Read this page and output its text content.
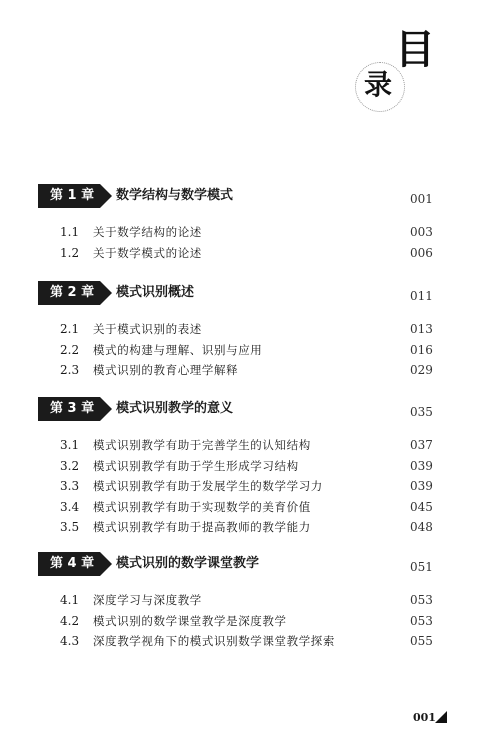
目
录
第 1 章	数学结构与数学模式	001
1.1 关于数学结构的论述	003
1.2 关于数学模式的论述	006
第 2 章	模式识别概述	011
2.1 关于模式识别的表述	013
2.2 模式的构建与理解、识别与应用	016
2.3 模式识别的教育心理学解释	029
第 3 章	模式识别教学的意义	035
3.1 模式识别教学有助于完善学生的认知结构	037
3.2 模式识别教学有助于学生形成学习结构	039
3.3 模式识别教学有助于发展学生的数学学习力	039
3.4 模式识别教学有助于实现数学的美育价值	045
3.5 模式识别教学有助于提高教师的教学能力	048
第 4 章	模式识别的数学课堂教学	051
4.1 深度学习与深度教学	053
4.2 模式识别的数学课堂教学是深度教学	053
4.3 深度教学视角下的模式识别数学课堂教学探索	055
001
